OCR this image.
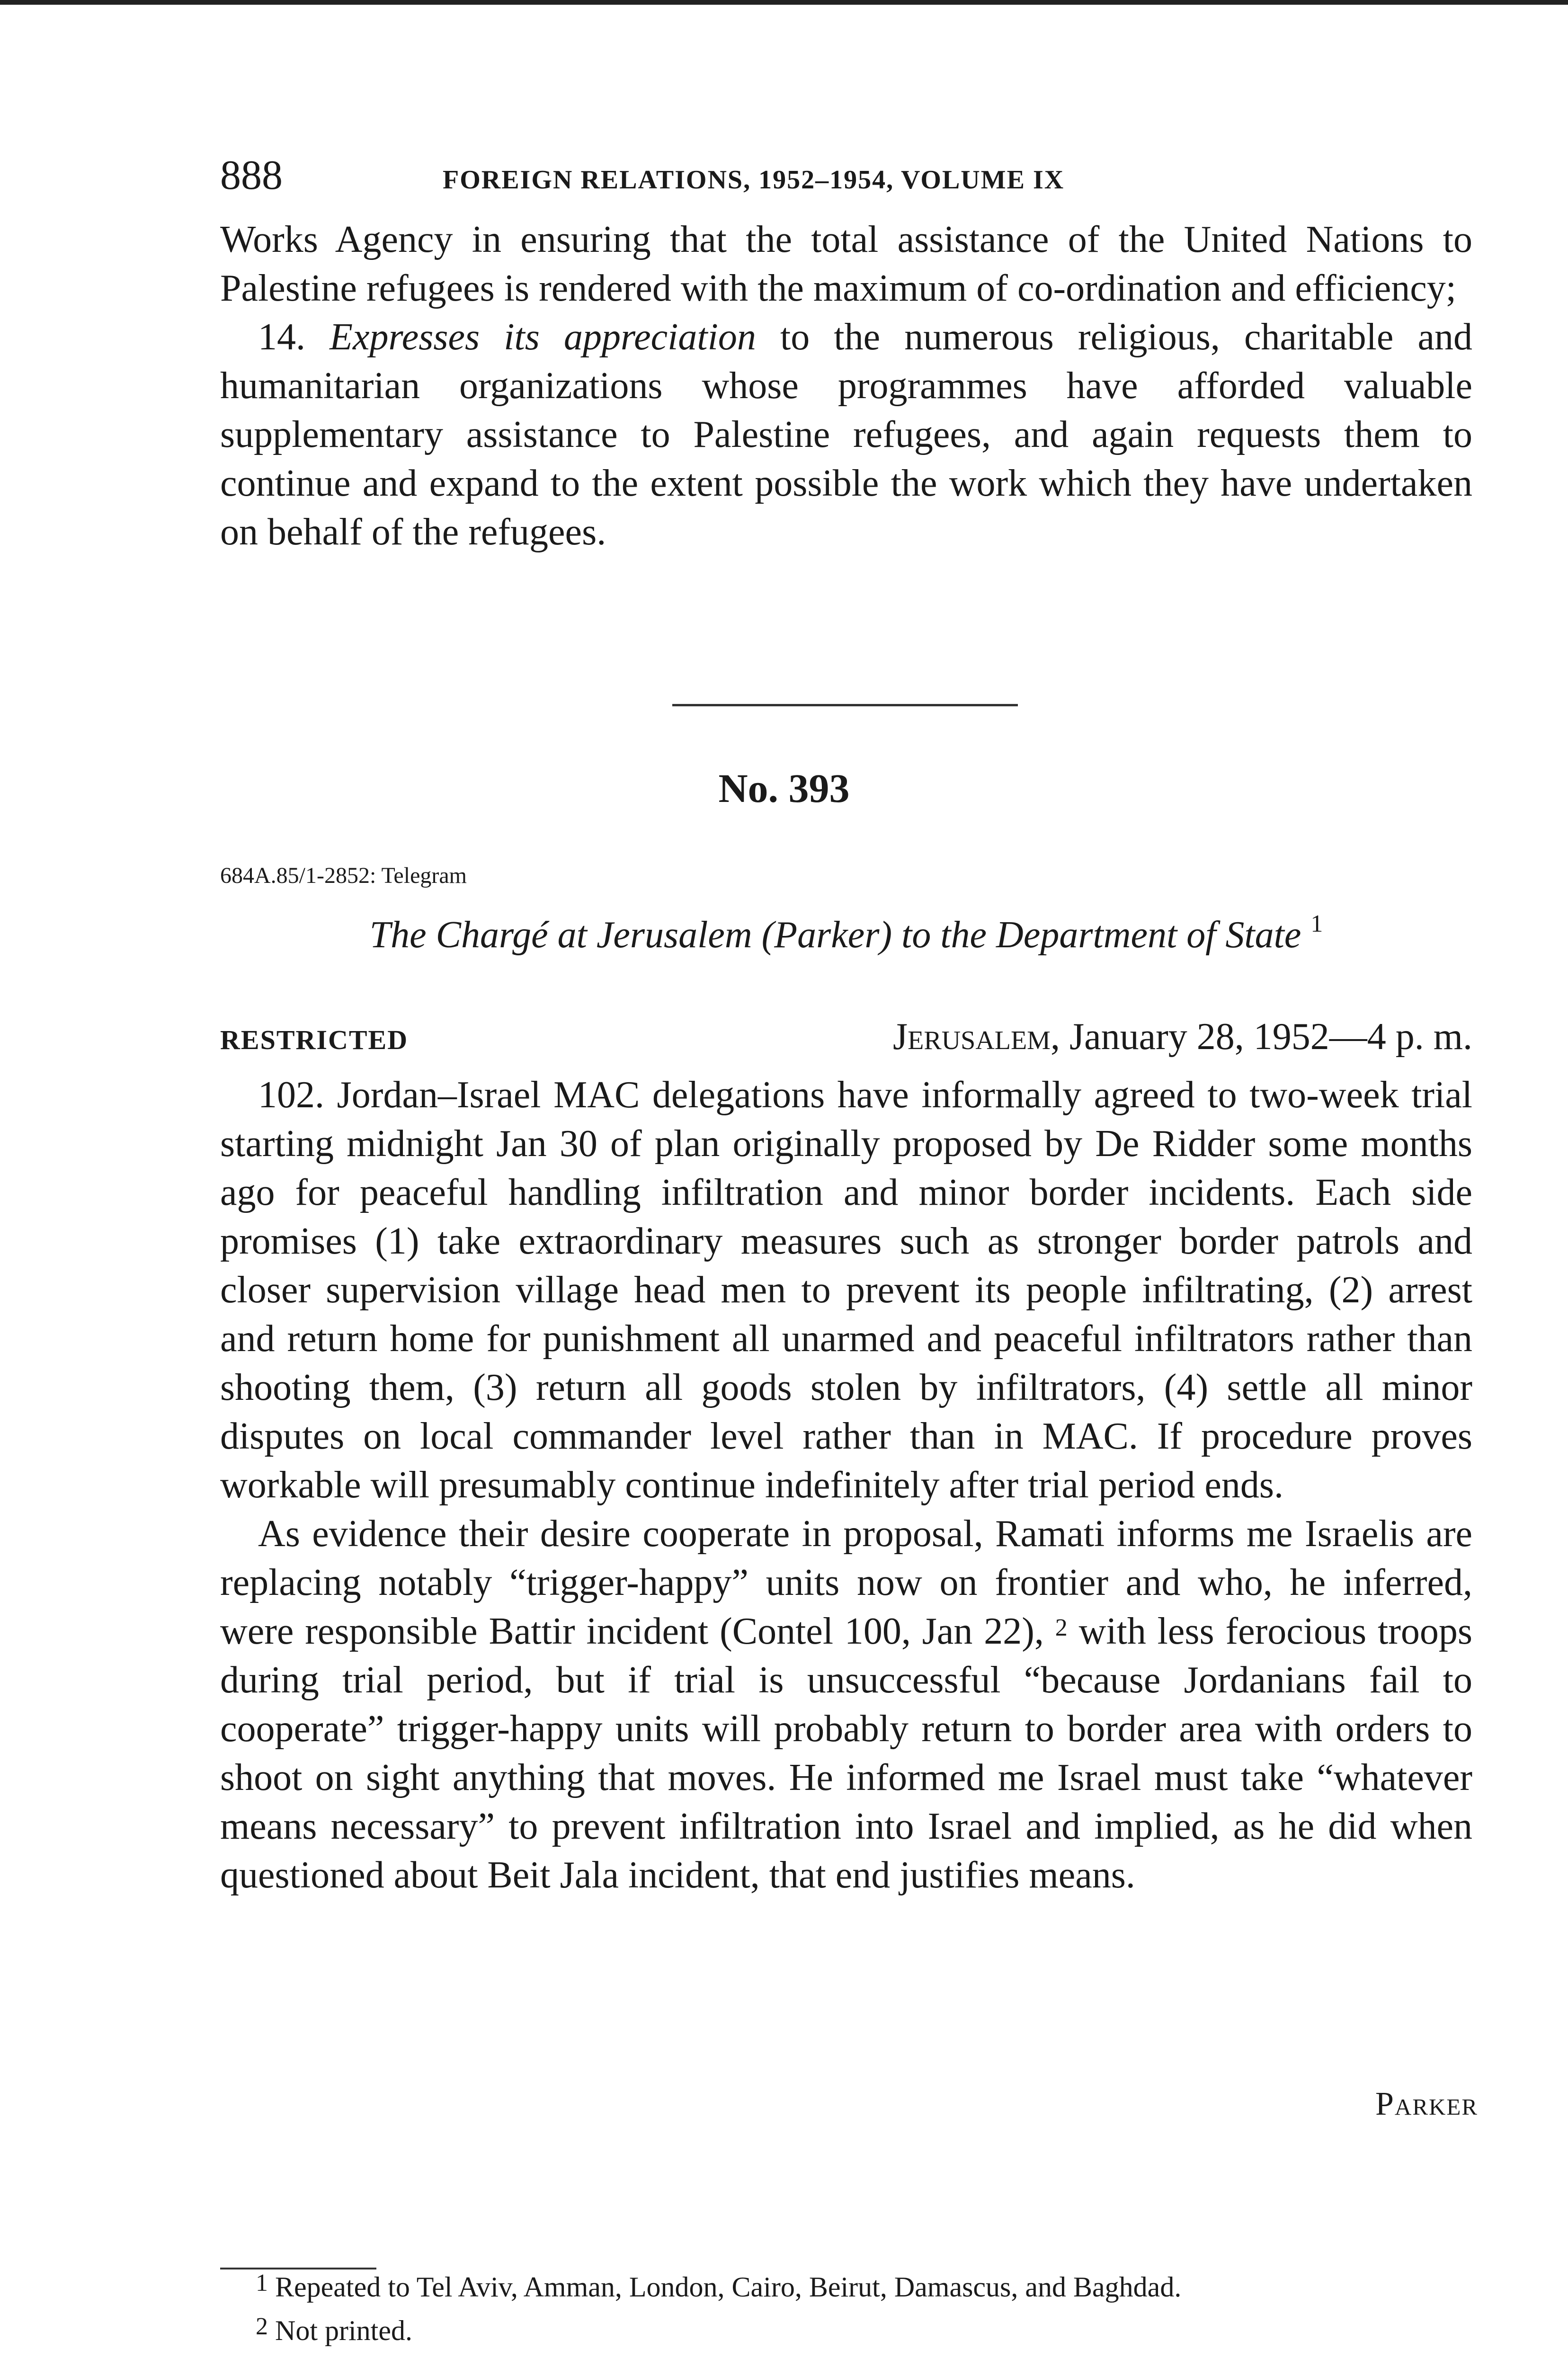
888	FOREIGN RELATIONS, 1952–1954, VOLUME IX

Works Agency in ensuring that the total assistance of the United Nations to Palestine refugees is rendered with the maximum of co-ordination and efficiency;

14. Expresses its appreciation to the numerous religious, charitable and humanitarian organizations whose programmes have afforded valuable supplementary assistance to Palestine refugees, and again requests them to continue and expand to the extent possible the work which they have undertaken on behalf of the refugees.

No. 393
684A.85/1-2852: Telegram
The Chargé at Jerusalem (Parker) to the Department of State $^1$
RESTRICTED	Jerusalem, January 28, 1952—4 p. m.

102. Jordan–Israel MAC delegations have informally agreed to two-week trial starting midnight Jan 30 of plan originally proposed by De Ridder some months ago for peaceful handling infiltration and minor border incidents. Each side promises (1) take extraordinary measures such as stronger border patrols and closer supervision village head men to prevent its people infiltrating, (2) arrest and return home for punishment all unarmed and peaceful infiltrators rather than shooting them, (3) return all goods stolen by infiltrators, (4) settle all minor disputes on local commander level rather than in MAC. If procedure proves workable will presumably continue indefinitely after trial period ends.

As evidence their desire cooperate in proposal, Ramati informs me Israelis are replacing notably “trigger-happy” units now on frontier and who, he inferred, were responsible Battir incident (Contel 100, Jan 22), $^2$ with less ferocious troops during trial period, but if trial is unsuccessful “because Jordanians fail to cooperate” trigger-happy units will probably return to border area with orders to shoot on sight anything that moves. He informed me Israel must take “whatever means necessary” to prevent infiltration into Israel and implied, as he did when questioned about Beit Jala incident, that end justifies means.

Parker

$^1$ Repeated to Tel Aviv, Amman, London, Cairo, Beirut, Damascus, and Baghdad.

$^2$ Not printed.
